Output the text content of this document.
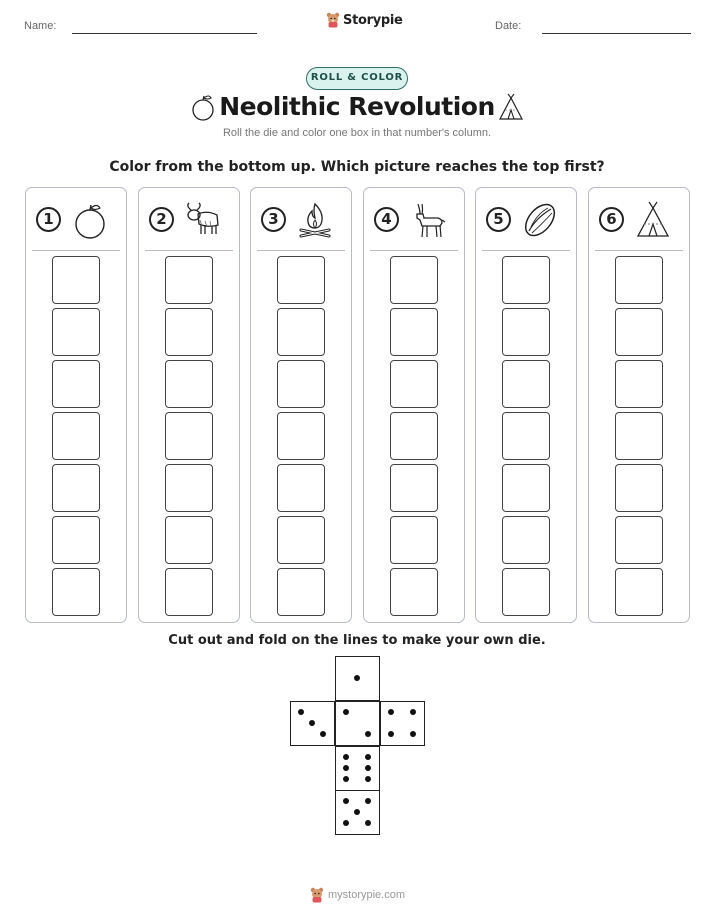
Name:	Storypie	Date:
ROLL & COLOR
Neolithic Revolution
Roll the die and color one box in that number's column.
Color from the bottom up. Which picture reaches the top first?
1	2	3	4	5	6
Cut out and fold on the lines to make your own die.
mystorypie.com
